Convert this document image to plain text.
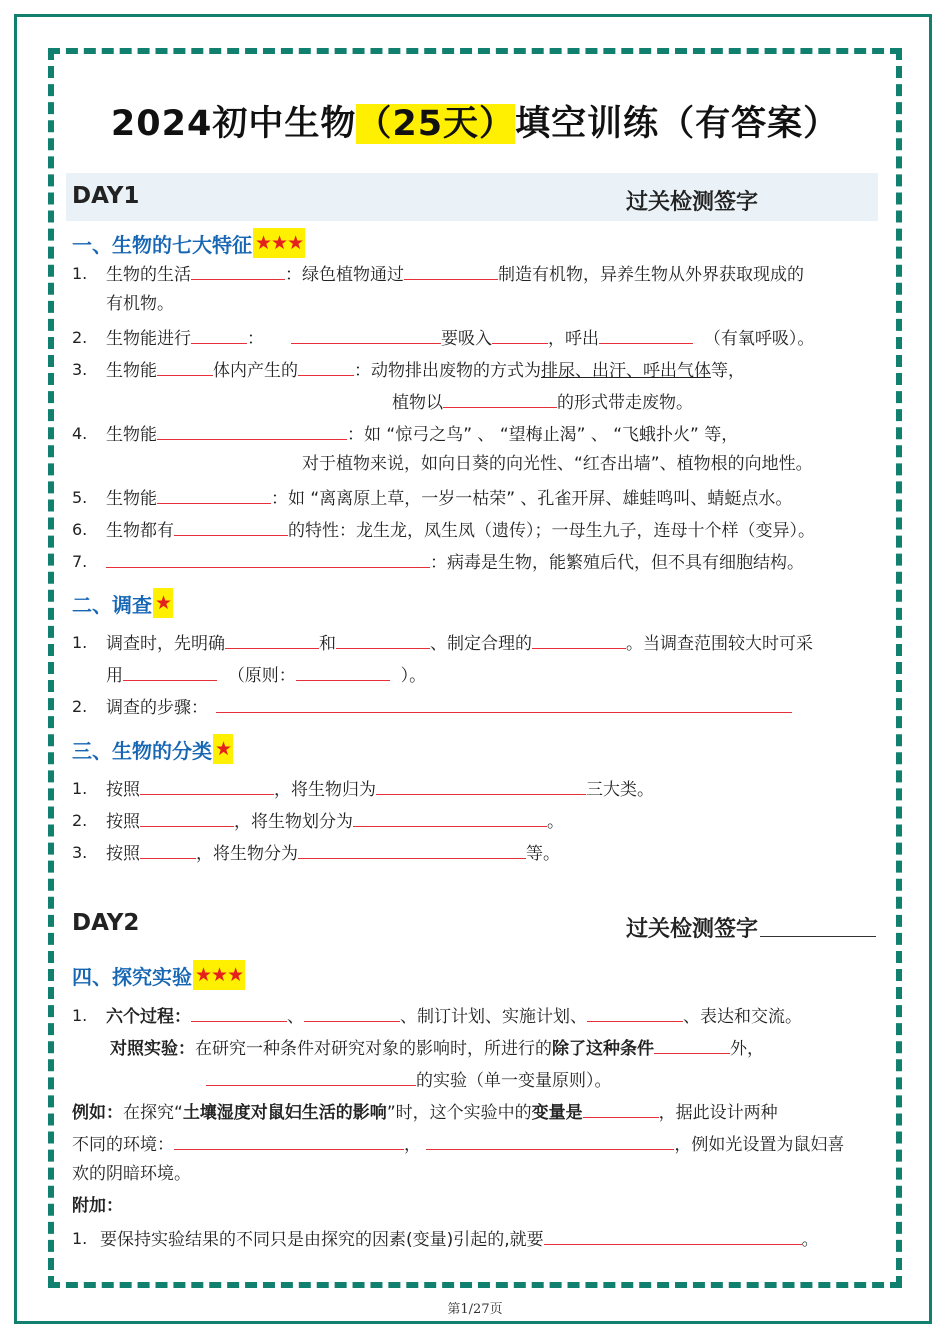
2024初中生物（25天）填空训练（有答案）
DAY1	过关检测签字
一、生物的七大特征 ★★★
1. 生物的生活	：绿色植物通过	制造有机物，异养生物从外界获取现成的
有机物。
2. 生物能进行	：	要吸入	，呼出	（有氧呼吸）。
3. 生物能	体内产生的	：动物排出废物的方式为排尿、出汗、呼出气体等，
植物以	的形式带走废物。
4. 生物能	：如 “惊弓之鸟” 、 “望梅止渴” 、 “飞蛾扑火” 等，
对于植物来说，如向日葵的向光性、“红杏出墙”、植物根的向地性。
5. 生物能	：如 “离离原上草，一岁一枯荣” 、孔雀开屏、雄蛙鸣叫、蜻蜓点水。
6. 生物都有	的特性：龙生龙，凤生凤（遗传）；一母生九子，连母十个样（变异）。
7.	：病毒是生物，能繁殖后代，但不具有细胞结构。
二、调查 ★
1. 调查时，先明确	和	、制定合理的	。当调查范围较大时可采
用	（原则：	）。
2. 调查的步骤：
三、生物的分类 ★
1. 按照	，将生物归为	三大类。
2. 按照	，将生物划分为	。
3. 按照	，将生物分为	等。
DAY2	过关检测签字
四、探究实验 ★★★
1. 六个过程：	、	、制订计划、实施计划、	、表达和交流。
对照实验：在研究一种条件对研究对象的影响时，所进行的除了这种条件	外，
的实验（单一变量原则）。
例如：在探究“土壤湿度对鼠妇生活的影响”时，这个实验中的变量是	，据此设计两种
不同的环境：	，	，例如光设置为鼠妇喜
欢的阴暗环境。
附加：
1. 要保持实验结果的不同只是由探究的因素(变量)引起的,就要	。
第1/27页
